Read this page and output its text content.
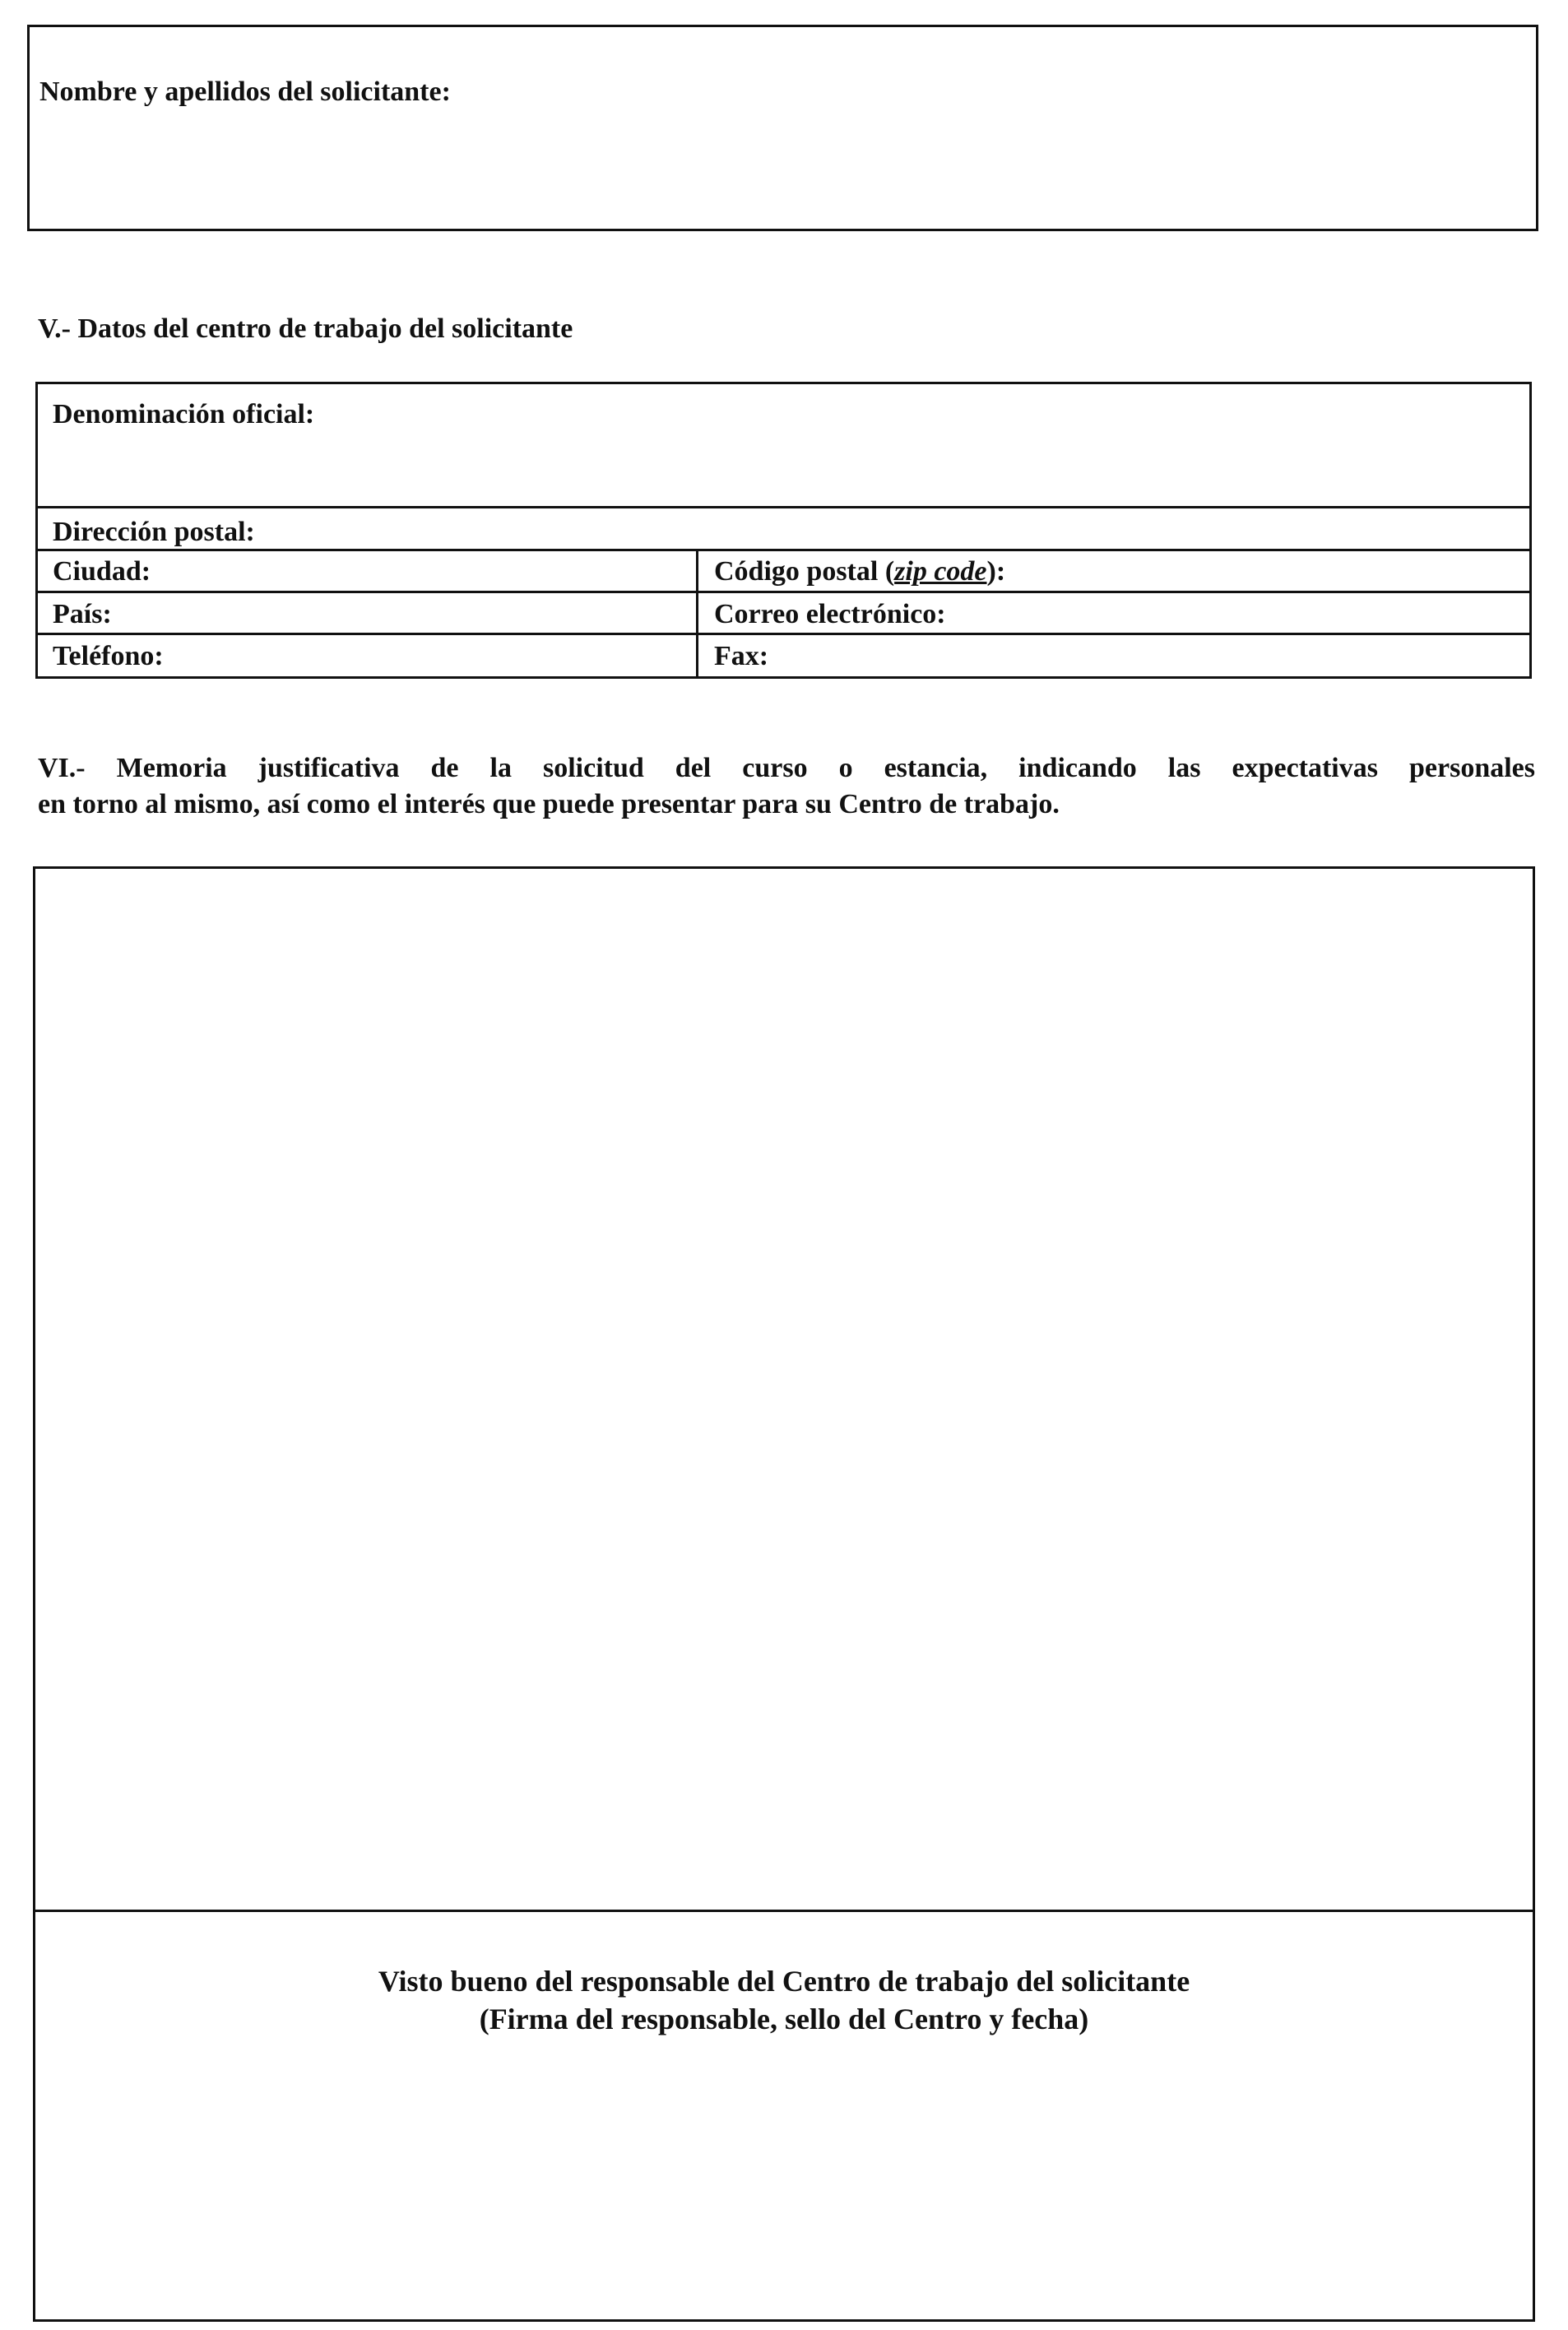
Nombre y apellidos del solicitante:
V.- Datos del centro de trabajo del solicitante
Denominación oficial:
Dirección postal:
Ciudad:	Código postal (zip code):
País:	Correo electrónico:
Teléfono:	Fax:
VI.- Memoria justificativa de la solicitud del curso o estancia, indicando las expectativas personales
en torno al mismo, así como el interés que puede presentar para su Centro de trabajo.
Visto bueno del responsable del Centro de trabajo del solicitante
(Firma del responsable, sello del Centro y fecha)
